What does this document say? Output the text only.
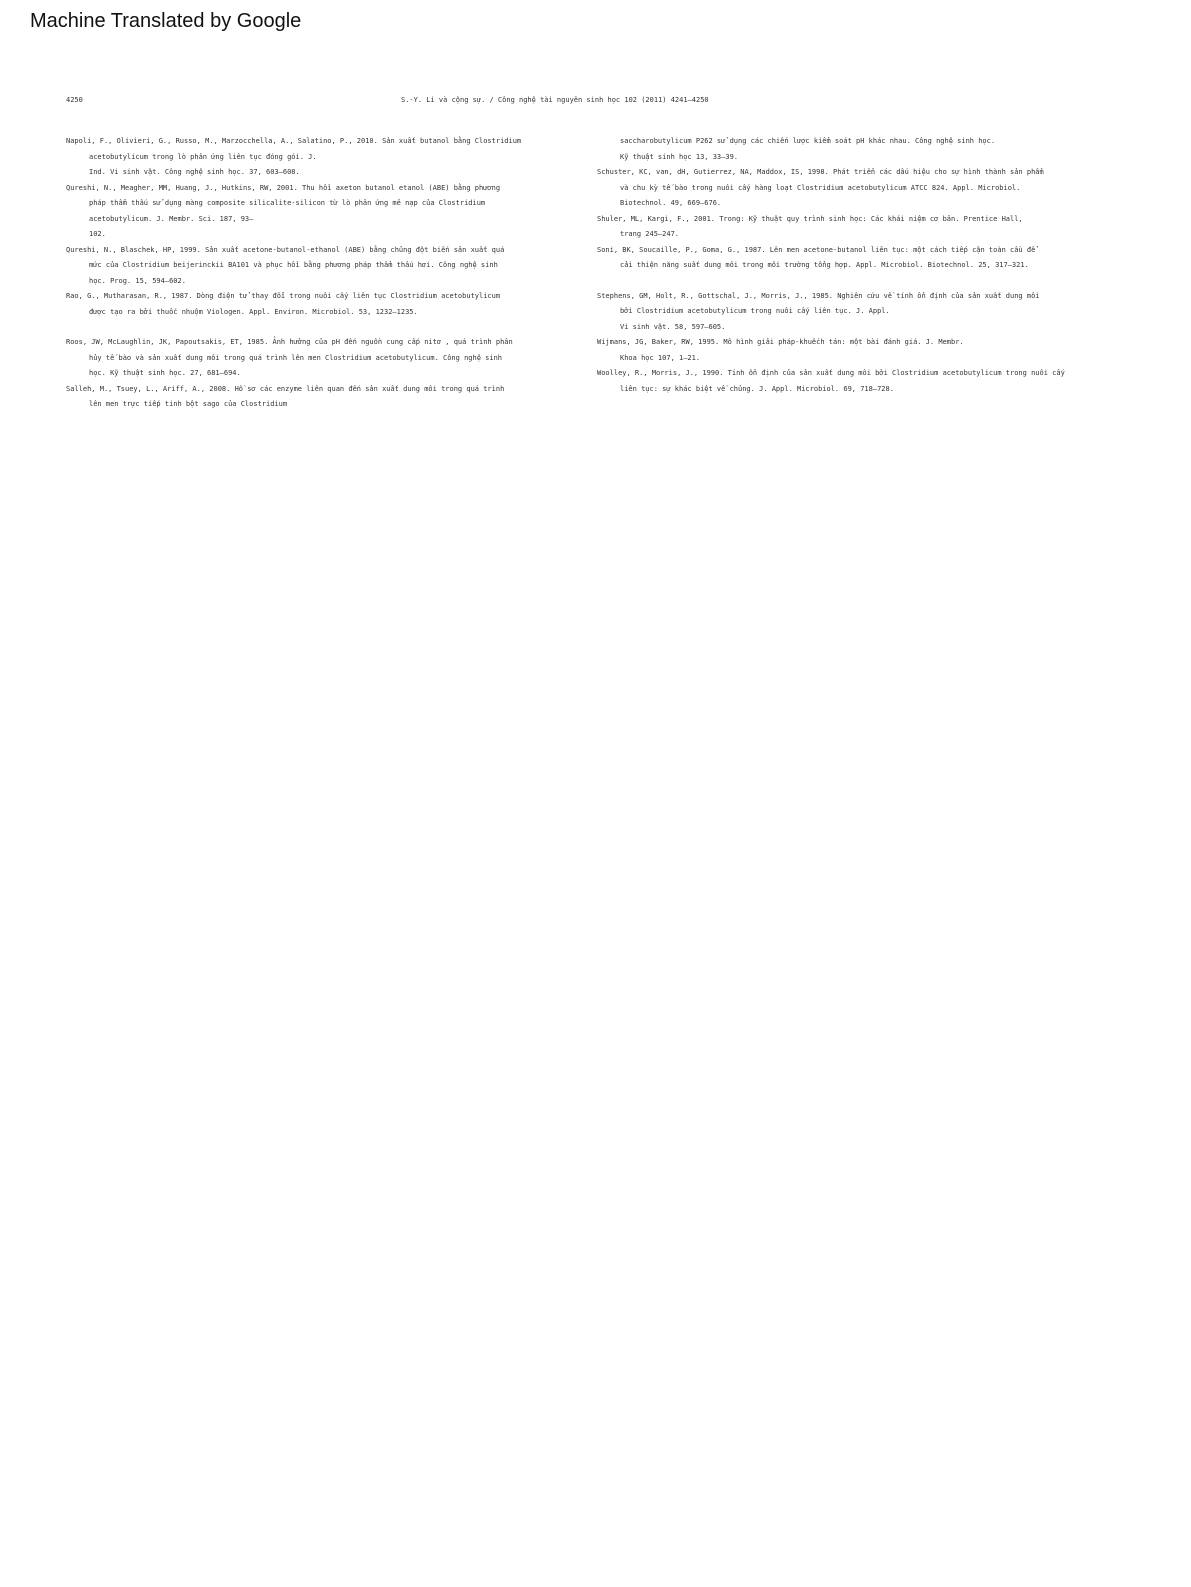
Machine Translated by Google
4250	S.-Y. Li và cộng sự. / Công nghệ tài nguyên sinh học 102 (2011) 4241–4250
Napoli, F., Olivieri, G., Russo, M., Marzocchella, A., Salatino, P., 2010. Sản xuất butanol bằng Clostridium
acetobutylicum trong lò phản ứng liên tục đóng gói. J.
Ind. Vi sinh vật. Công nghệ sinh học. 37, 603–608.
Qureshi, N., Meagher, MM, Huang, J., Hutkins, RW, 2001. Thu hồi axeton butanol etanol (ABE) bằng phương
pháp thẩm thấu sử dụng màng composite silicalite-silicon từ lò phản ứng mẻ nạp của Clostridium
acetobutylicum. J. Membr. Sci. 187, 93–
102.
Qureshi, N., Blaschek, HP, 1999. Sản xuất acetone-butanol-ethanol (ABE) bằng chủng đột biến sản xuất quá
mức của Clostridium beijerinckii BA101 và phục hồi bằng phương pháp thẩm thấu hơi. Công nghệ sinh
học. Prog. 15, 594–602.
Rao, G., Mutharasan, R., 1987. Dòng điện tử thay đổi trong nuôi cấy liên tục Clostridium acetobutylicum
được tạo ra bởi thuốc nhuộm Viologen. Appl. Environ. Microbiol. 53, 1232–1235.
Roos, JW, McLaughlin, JK, Papoutsakis, ET, 1985. Ảnh hưởng của pH đến nguồn cung cấp nitơ , quá trình phân
hủy tế bào và sản xuất dung môi trong quá trình lên men Clostridium acetobutylicum. Công nghệ sinh
học. Kỹ thuật sinh học. 27, 681–694.
Salleh, M., Tsuey, L., Ariff, A., 2008. Hồ sơ các enzyme liên quan đến sản xuất dung môi trong quá trình
lên men trực tiếp tinh bột sago của Clostridium
saccharobutylicum P262 sử dụng các chiến lược kiểm soát pH khác nhau. Công nghệ sinh học.
Kỹ thuật sinh học 13, 33–39.
Schuster, KC, van, dH, Gutierrez, NA, Maddox, IS, 1998. Phát triển các dấu hiệu cho sự hình thành sản phẩm
và chu kỳ tế bào trong nuôi cấy hàng loạt Clostridium acetobutylicum ATCC 824. Appl. Microbiol.
Biotechnol. 49, 669–676.
Shuler, ML, Kargi, F., 2001. Trong: Kỹ thuật quy trình sinh học: Các khái niệm cơ bản. Prentice Hall,
trang 245–247.
Soni, BK, Soucaille, P., Goma, G., 1987. Lên men acetone-butanol liên tục: một cách tiếp cận toàn cầu để
cải thiện năng suất dung môi trong môi trường tổng hợp. Appl. Microbiol. Biotechnol. 25, 317–321.
Stephens, GM, Holt, R., Gottschal, J., Morris, J., 1985. Nghiên cứu về tính ổn định của sản xuất dung môi
bởi Clostridium acetobutylicum trong nuôi cấy liên tục. J. Appl.
Vi sinh vật. 58, 597–605.
Wijmans, JG, Baker, RW, 1995. Mô hình giải pháp-khuếch tán: một bài đánh giá. J. Membr.
Khoa học 107, 1–21.
Woolley, R., Morris, J., 1990. Tính ổn định của sản xuất dung môi bởi Clostridium acetobutylicum trong nuôi cấy
liên tục: sự khác biệt về chủng. J. Appl. Microbiol. 69, 718–728.
